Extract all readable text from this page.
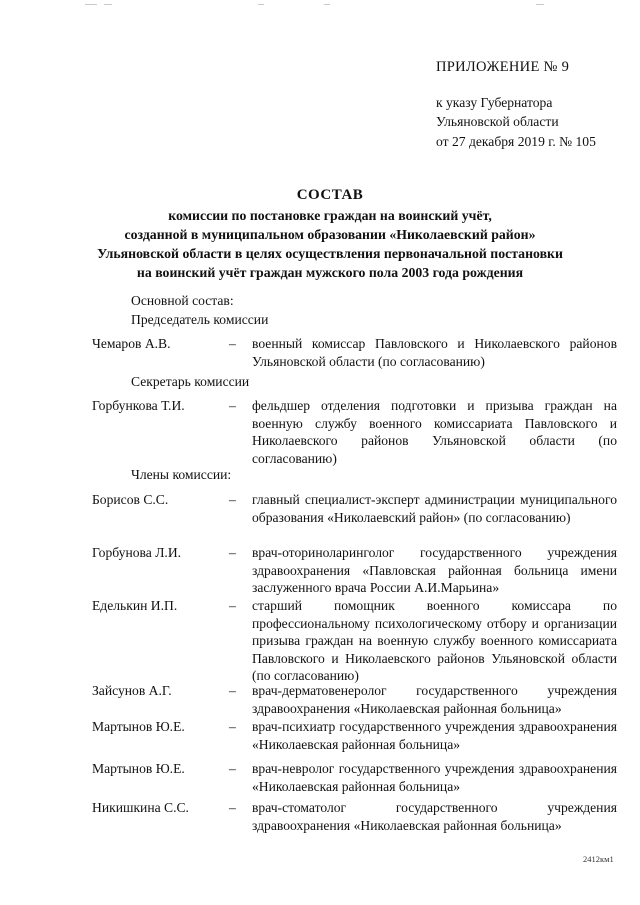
ПРИЛОЖЕНИЕ № 9
к указу Губернатора
Ульяновской области
от 27 декабря 2019 г. № 105
СОСТАВ
комиссии по постановке граждан на воинский учёт,
созданной в муниципальном образовании «Николаевский район»
Ульяновской области в целях осуществления первоначальной постановки
на воинский учёт граждан мужского пола 2003 года рождения
Основной состав:
Председатель комиссии
Чемаров А.В.	– военный комиссар Павловского и Николаевского районов Ульяновской области (по согласованию)
Секретарь комиссии
Горбункова Т.И.	– фельдшер отделения подготовки и призыва граждан на военную службу военного комиссариата Павловского и Николаевского районов Ульяновской области (по согласованию)
Члены комиссии:
Борисов С.С.	– главный специалист-эксперт администрации муниципального образования «Николаевский район» (по согласованию)
Горбунова Л.И.	– врач-оториноларинголог государственного учреждения здравоохранения «Павловская районная больница имени заслуженного врача России А.И.Марьина»
Еделькин И.П.	– старший помощник военного комиссара по профессиональному психологическому отбору и организации призыва граждан на военную службу военного комиссариата Павловского и Николаевского районов Ульяновской области (по согласованию)
Зайсунов А.Г.	– врач-дерматовенеролог государственного учреждения здравоохранения «Николаевская районная больница»
Мартынов Ю.Е.	– врач-психиатр государственного учреждения здравоохранения «Николаевская районная больница»
Мартынов Ю.Е.	– врач-невролог государственного учреждения здравоохранения «Николаевская районная больница»
Никишкина С.С.	– врач-стоматолог государственного учреждения здравоохранения «Николаевская районная больница»
2412км1
